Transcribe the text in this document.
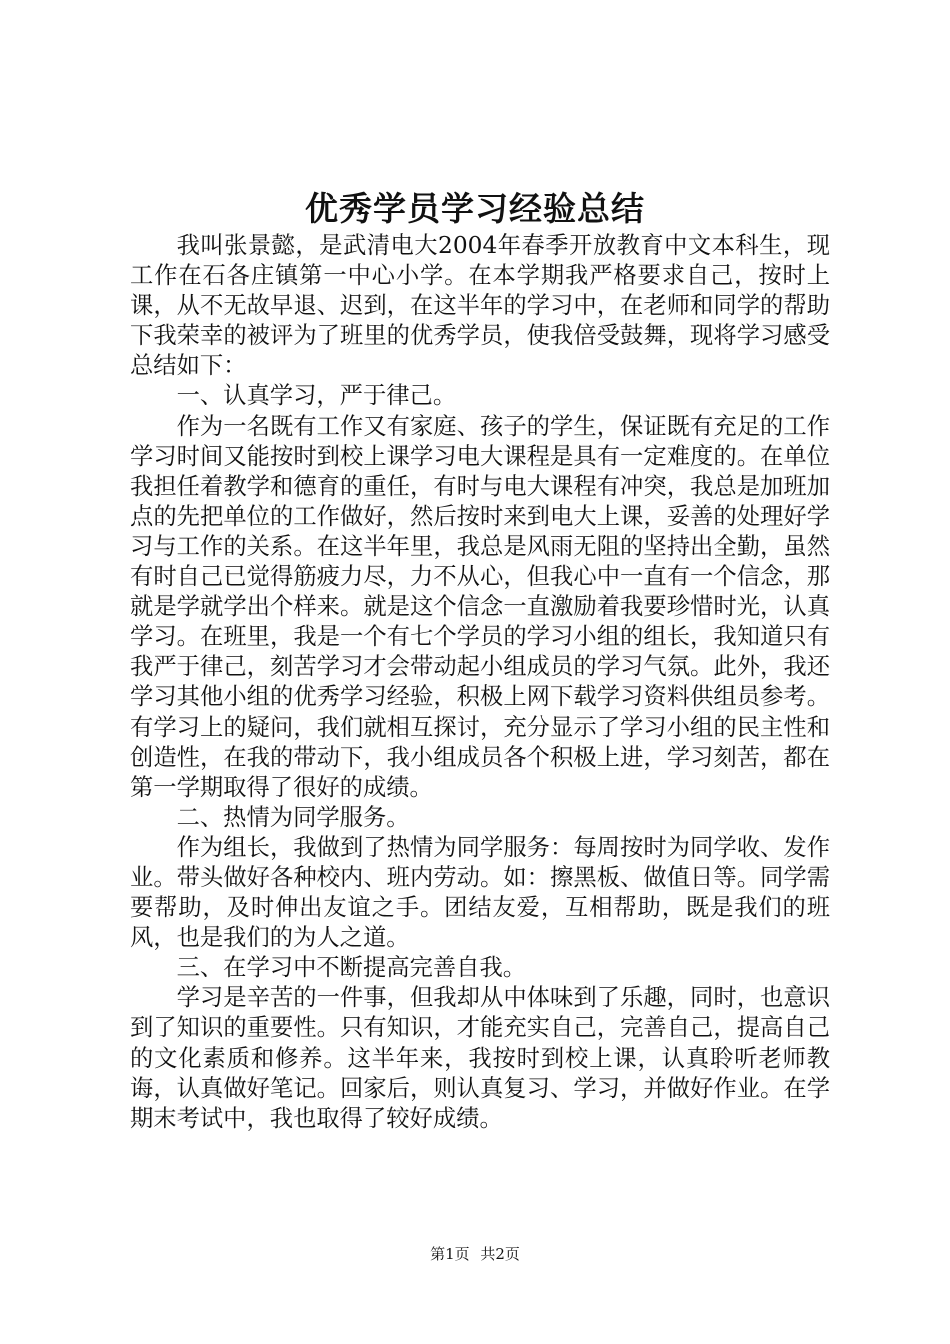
优秀学员学习经验总结

我叫张景懿，是武清电大2004年春季开放教育中文本科生，现工作在石各庄镇第一中心小学。在本学期我严格要求自己，按时上课，从不无故早退、迟到，在这半年的学习中，在老师和同学的帮助下我荣幸的被评为了班里的优秀学员，使我倍受鼓舞，现将学习感受总结如下：

一、认真学习，严于律己。

作为一名既有工作又有家庭、孩子的学生，保证既有充足的工作学习时间又能按时到校上课学习电大课程是具有一定难度的。在单位我担任着教学和德育的重任，有时与电大课程有冲突，我总是加班加点的先把单位的工作做好，然后按时来到电大上课，妥善的处理好学习与工作的关系。在这半年里，我总是风雨无阻的坚持出全勤，虽然有时自己已觉得筋疲力尽，力不从心，但我心中一直有一个信念，那就是学就学出个样来。就是这个信念一直激励着我要珍惜时光，认真学习。在班里，我是一个有七个学员的学习小组的组长，我知道只有我严于律己，刻苦学习才会带动起小组成员的学习气氛。此外，我还学习其他小组的优秀学习经验，积极上网下载学习资料供组员参考。有学习上的疑问，我们就相互探讨，充分显示了学习小组的民主性和创造性，在我的带动下，我小组成员各个积极上进，学习刻苦，都在第一学期取得了很好的成绩。

二、热情为同学服务。

作为组长，我做到了热情为同学服务：每周按时为同学收、发作业。带头做好各种校内、班内劳动。如：擦黑板、做值日等。同学需要帮助，及时伸出友谊之手。团结友爱，互相帮助，既是我们的班风，也是我们的为人之道。

三、在学习中不断提高完善自我。

学习是辛苦的一件事，但我却从中体味到了乐趣，同时，也意识到了知识的重要性。只有知识，才能充实自己，完善自己，提高自己的文化素质和修养。这半年来，我按时到校上课，认真聆听老师教诲，认真做好笔记。回家后，则认真复习、学习，并做好作业。在学期末考试中，我也取得了较好成绩。

第1页 共2页
